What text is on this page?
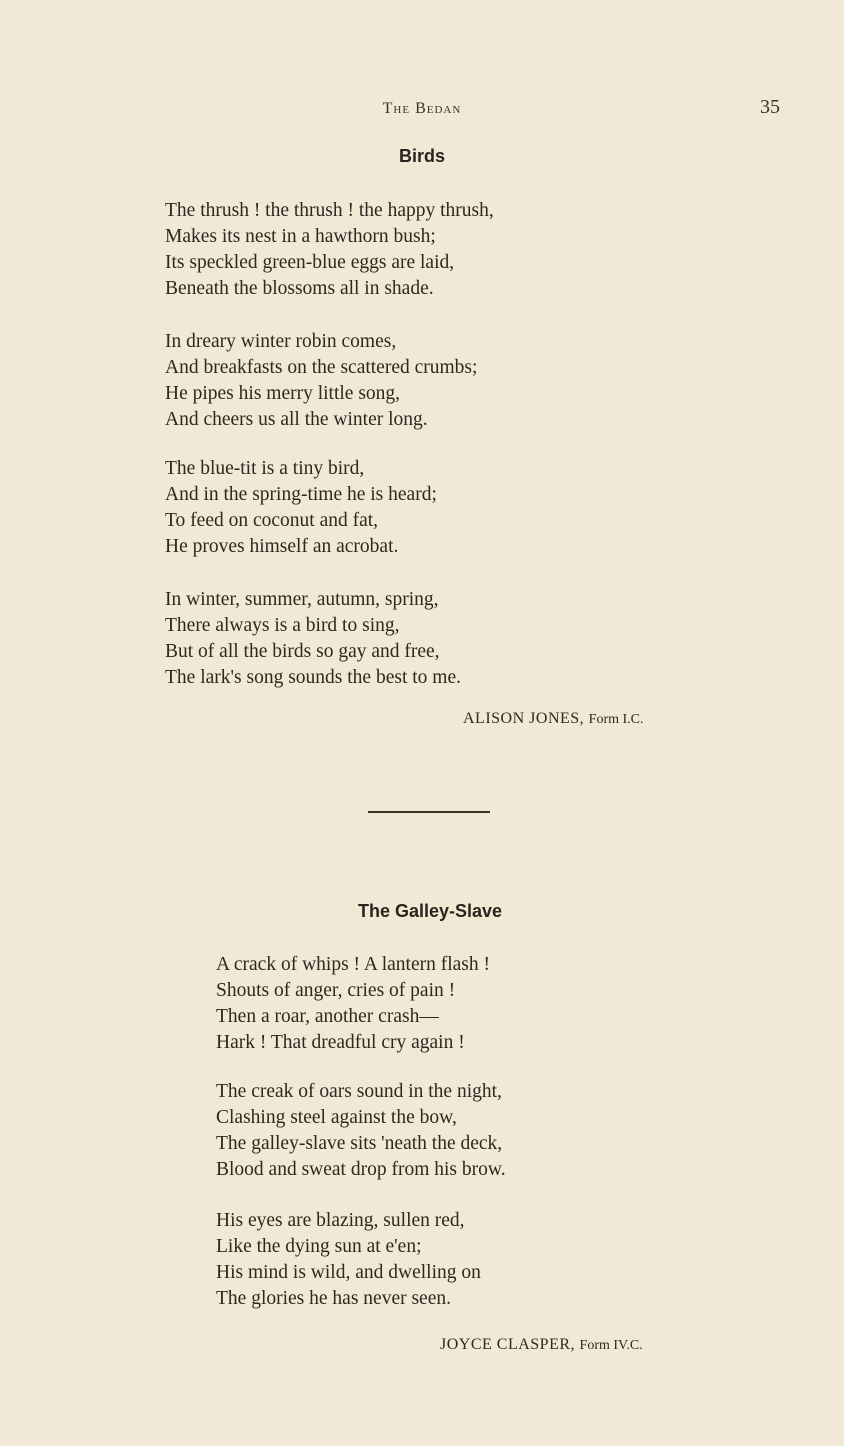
The Bedan	35
Birds
The thrush ! the thrush ! the happy thrush,
Makes its nest in a hawthorn bush;
Its speckled green-blue eggs are laid,
Beneath the blossoms all in shade.
In dreary winter robin comes,
And breakfasts on the scattered crumbs;
He pipes his merry little song,
And cheers us all the winter long.
The blue-tit is a tiny bird,
And in the spring-time he is heard;
To feed on coconut and fat,
He proves himself an acrobat.
In winter, summer, autumn, spring,
There always is a bird to sing,
But of all the birds so gay and free,
The lark's song sounds the best to me.
ALISON JONES, Form I.C.
The Galley-Slave
A crack of whips ! A lantern flash !
Shouts of anger, cries of pain !
Then a roar, another crash—
Hark ! That dreadful cry again !
The creak of oars sound in the night,
Clashing steel against the bow,
The galley-slave sits 'neath the deck,
Blood and sweat drop from his brow.
His eyes are blazing, sullen red,
Like the dying sun at e'en;
His mind is wild, and dwelling on
The glories he has never seen.
JOYCE CLASPER, Form IV.C.
